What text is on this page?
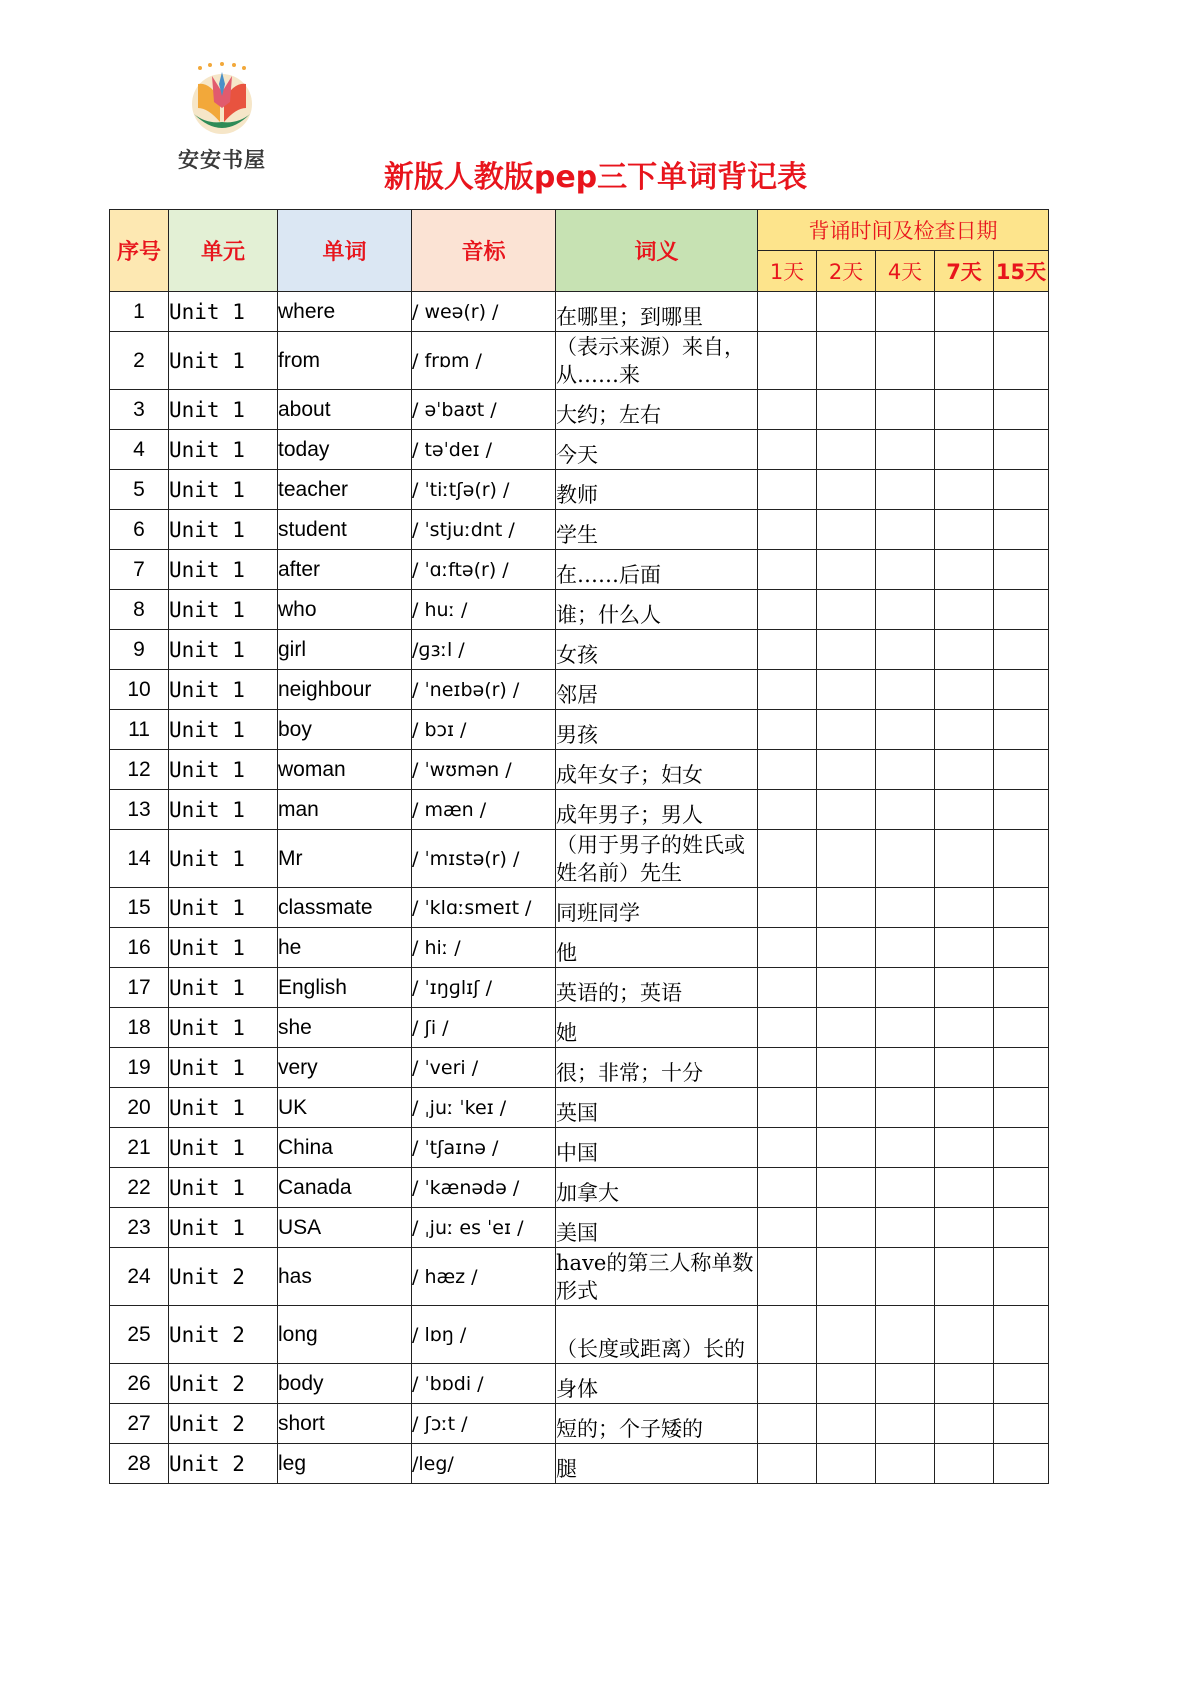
安安书屋	新版人教版pep三下单词背记表
序号	单元	单词	音标	词义	背诵时间及检查日期				
					1天	2天	4天	7天	15天
1	Unit 1	where	/ weə(r) /	在哪里；到哪里					
2	Unit 1	from	/ frɒm /	（表示来源）来自，从……来					
3	Unit 1	about	/ əˈbaʊt /	大约；左右					
4	Unit 1	today	/ təˈdeɪ /	今天					
5	Unit 1	teacher	/ ˈtiːtʃə(r) /	教师					
6	Unit 1	student	/ ˈstjuːdnt /	学生					
7	Unit 1	after	/ ˈɑːftə(r) /	在……后面					
8	Unit 1	who	/ huː /	谁；什么人					
9	Unit 1	girl	/ɡɜːl /	女孩					
10	Unit 1	neighbour	/ ˈneɪbə(r) /	邻居					
11	Unit 1	boy	/ bɔɪ /	男孩					
12	Unit 1	woman	/ ˈwʊmən /	成年女子；妇女					
13	Unit 1	man	/ mæn /	成年男子；男人					
14	Unit 1	Mr	/ ˈmɪstə(r) /	（用于男子的姓氏或姓名前）先生					
15	Unit 1	classmate	/ ˈklɑːsmeɪt /	同班同学					
16	Unit 1	he	/ hiː /	他					
17	Unit 1	English	/ ˈɪŋɡlɪʃ /	英语的；英语					
18	Unit 1	she	/ ʃi /	她					
19	Unit 1	very	/ ˈveri /	很；非常；十分					
20	Unit 1	UK	/ ˌjuː ˈkeɪ /	英国					
21	Unit 1	China	/ ˈtʃaɪnə /	中国					
22	Unit 1	Canada	/ ˈkænədə /	加拿大					
23	Unit 1	USA	/ ˌjuː es ˈeɪ /	美国					
24	Unit 2	has	/ hæz /	have的第三人称单数形式					
25	Unit 2	long	/ lɒŋ /	（长度或距离）长的					
26	Unit 2	body	/ ˈbɒdi /	身体					
27	Unit 2	short	/ ʃɔːt /	短的；个子矮的					
28	Unit 2	leg	/leg/	腿					
